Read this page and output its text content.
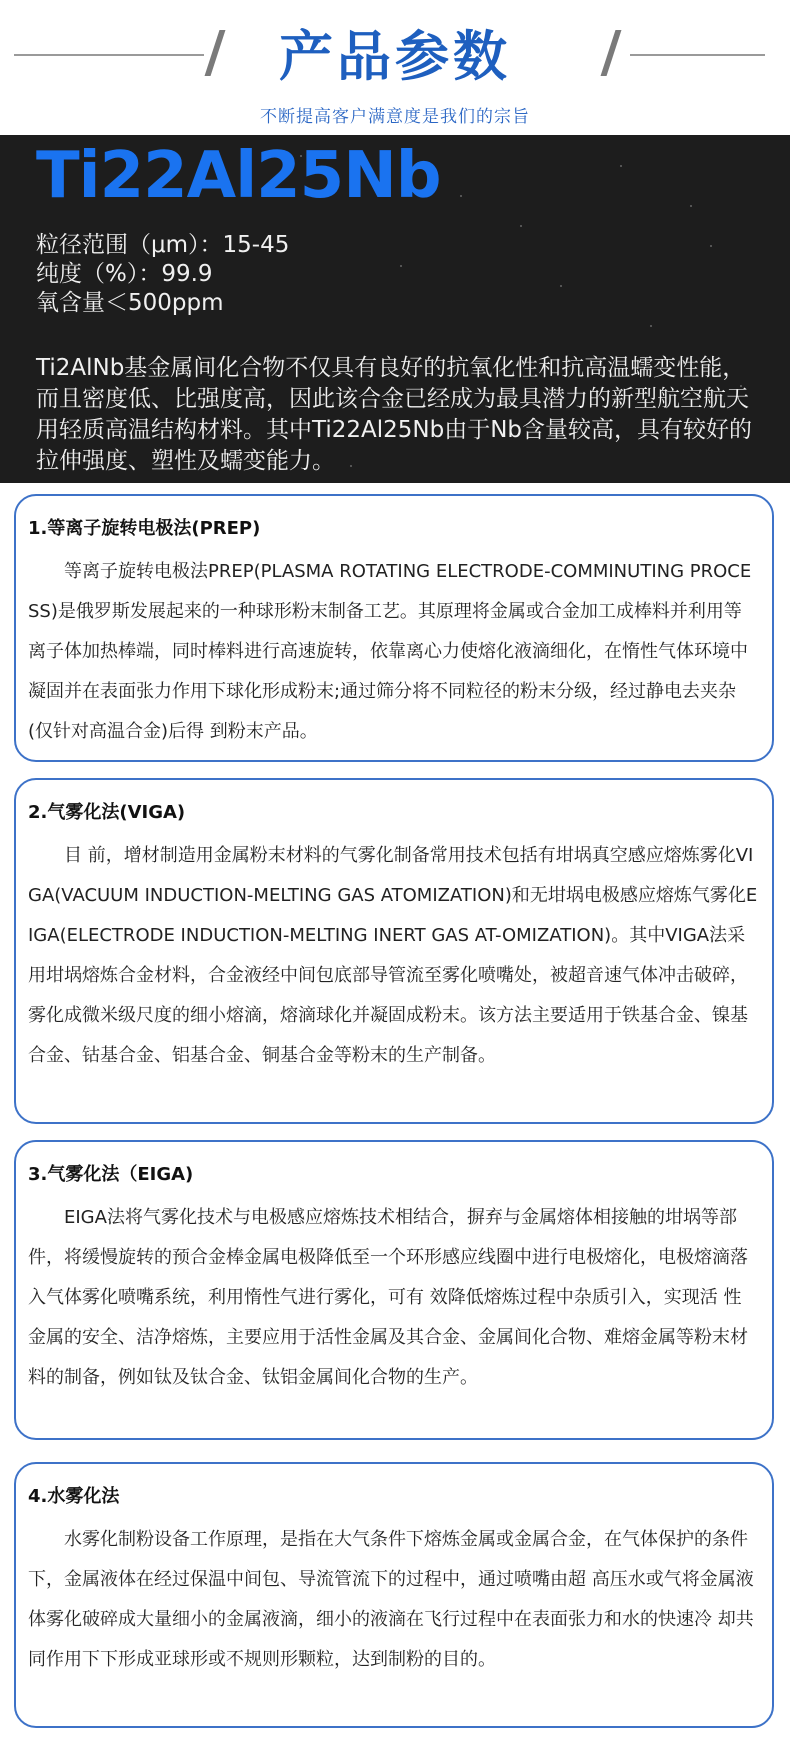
产品参数
不断提高客户满意度是我们的宗旨
Ti22Al25Nb
粒径范围（μm）：15-45
纯度（%）：99.9
氧含量＜500ppm
Ti2AlNb基金属间化合物不仅具有良好的抗氧化性和抗高温蠕变性能，而且密度低、比强度高，因此该合金已经成为最具潜力的新型航空航天用轻质高温结构材料。其中Ti22Al25Nb由于Nb含量较高，具有较好的拉伸强度、塑性及蠕变能力。
1.等离子旋转电极法(PREP)
等离子旋转电极法PREP(PLASMA ROTATING ELECTRODE-COMMINUTING PROCESS)是俄罗斯发展起来的一种球形粉末制备工艺。其原理将金属或合金加工成棒料并利用等离子体加热棒端，同时棒料进行高速旋转，依靠离心力使熔化液滴细化，在惰性气体环境中凝固并在表面张力作用下球化形成粉末;通过筛分将不同粒径的粉末分级，经过静电去夹杂(仅针对高温合金)后得 到粉末产品。
2.气雾化法(VIGA)
目 前，增材制造用金属粉末材料的气雾化制备常用技术包括有坩埚真空感应熔炼雾化VIGA(VACUUM INDUCTION-MELTING GAS ATOMIZATION)和无坩埚电极感应熔炼气雾化EIGA(ELECTRODE INDUCTION-MELTING INERT GAS AT-OMIZATION)。其中VIGA法采用坩埚熔炼合金材料，合金液经中间包底部导管流至雾化喷嘴处，被超音速气体冲击破碎，雾化成微米级尺度的细小熔滴，熔滴球化并凝固成粉末。该方法主要适用于铁基合金、镍基合金、钴基合金、铝基合金、铜基合金等粉末的生产制备。
3.气雾化法（EIGA)
EIGA法将气雾化技术与电极感应熔炼技术相结合，摒弃与金属熔体相接触的坩埚等部件，将缓慢旋转的预合金棒金属电极降低至一个环形感应线圈中进行电极熔化，电极熔滴落入气体雾化喷嘴系统，利用惰性气进行雾化，可有 效降低熔炼过程中杂质引入，实现活 性金属的安全、洁净熔炼，主要应用于活性金属及其合金、金属间化合物、难熔金属等粉末材料的制备，例如钛及钛合金、钛铝金属间化合物的生产。
4.水雾化法
水雾化制粉设备工作原理，是指在大气条件下熔炼金属或金属合金，在气体保护的条件下，金属液体在经过保温中间包、导流管流下的过程中，通过喷嘴由超 高压水或气将金属液体雾化破碎成大量细小的金属液滴，细小的液滴在飞行过程中在表面张力和水的快速冷 却共同作用下下形成亚球形或不规则形颗粒，达到制粉的目的。
